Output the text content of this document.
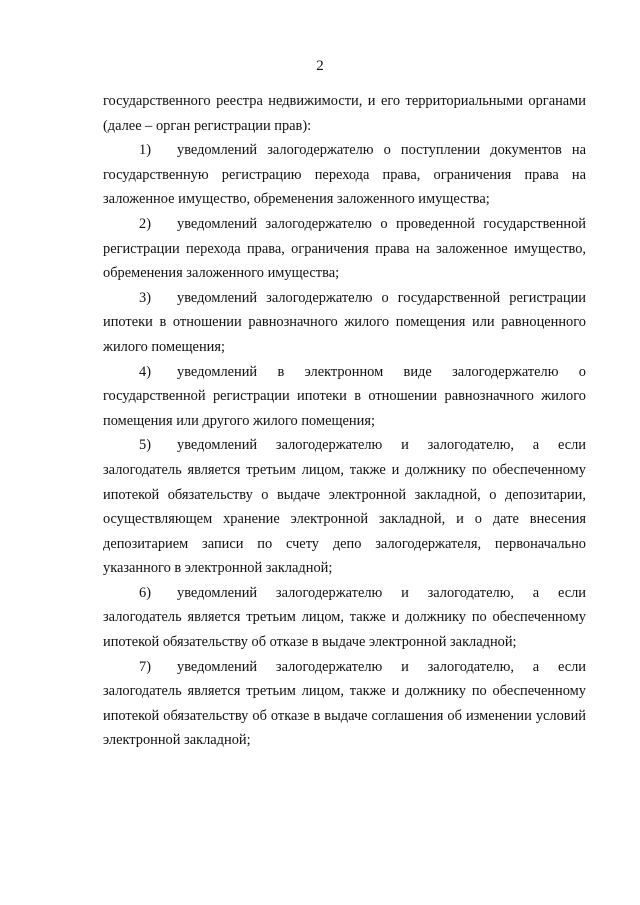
2

государственного реестра недвижимости, и его территориальными органами (далее – орган регистрации прав):

1) уведомлений залогодержателю о поступлении документов на государственную регистрацию перехода права, ограничения права на заложенное имущество, обременения заложенного имущества;

2) уведомлений залогодержателю о проведенной государственной регистрации перехода права, ограничения права на заложенное имущество, обременения заложенного имущества;

3) уведомлений залогодержателю о государственной регистрации ипотеки в отношении равнозначного жилого помещения или равноценного жилого помещения;

4) уведомлений в электронном виде залогодержателю о государственной регистрации ипотеки в отношении равнозначного жилого помещения или другого жилого помещения;

5) уведомлений залогодержателю и залогодателю, а если залогодатель является третьим лицом, также и должнику по обеспеченному ипотекой обязательству о выдаче электронной закладной, о депозитарии, осуществляющем хранение электронной закладной, и о дате внесения депозитарием записи по счету депо залогодержателя, первоначально указанного в электронной закладной;

6) уведомлений залогодержателю и залогодателю, а если залогодатель является третьим лицом, также и должнику по обеспеченному ипотекой обязательству об отказе в выдаче электронной закладной;

7) уведомлений залогодержателю и залогодателю, а если залогодатель является третьим лицом, также и должнику по обеспеченному ипотекой обязательству об отказе в выдаче соглашения об изменении условий электронной закладной;
